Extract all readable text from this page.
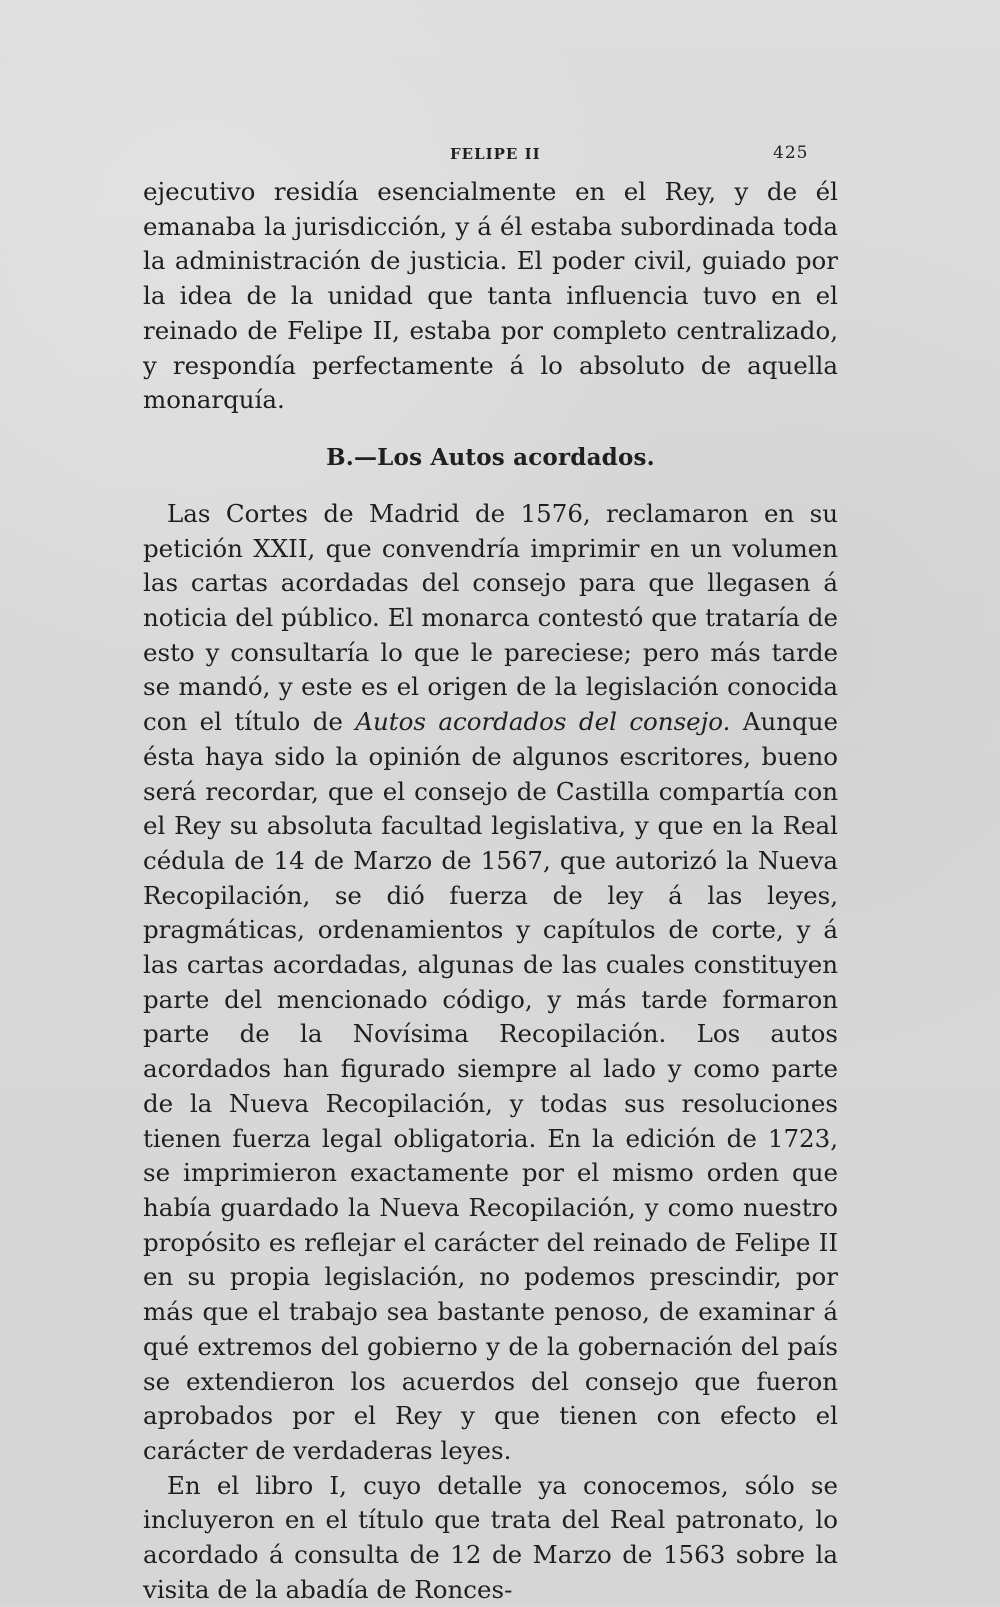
FELIPE II	425

ejecutivo residía esencialmente en el Rey, y de él emanaba la jurisdicción, y á él estaba subordinada toda la administración de justicia. El poder civil, guiado por la idea de la unidad que tanta influencia tuvo en el reinado de Felipe II, estaba por completo centralizado, y respondía perfectamente á lo absoluto de aquella monarquía.

B.—Los Autos acordados.

Las Cortes de Madrid de 1576, reclamaron en su petición XXII, que convendría imprimir en un volumen las cartas acordadas del consejo para que llegasen á noticia del público. El monarca contestó que trataría de esto y consultaría lo que le pareciese; pero más tarde se mandó, y este es el origen de la legislación conocida con el título de Autos acordados del consejo. Aunque ésta haya sido la opinión de algunos escritores, bueno será recordar, que el consejo de Castilla compartía con el Rey su absoluta facultad legislativa, y que en la Real cédula de 14 de Marzo de 1567, que autorizó la Nueva Recopilación, se dió fuerza de ley á las leyes, pragmáticas, ordenamientos y capítulos de corte, y á las cartas acordadas, algunas de las cuales constituyen parte del mencionado código, y más tarde formaron parte de la Novísima Recopilación. Los autos acordados han figurado siempre al lado y como parte de la Nueva Recopilación, y todas sus resoluciones tienen fuerza legal obligatoria. En la edición de 1723, se imprimieron exactamente por el mismo orden que había guardado la Nueva Recopilación, y como nuestro propósito es reflejar el carácter del reinado de Felipe II en su propia legislación, no podemos prescindir, por más que el trabajo sea bastante penoso, de examinar á qué extremos del gobierno y de la gobernación del país se extendieron los acuerdos del consejo que fueron aprobados por el Rey y que tienen con efecto el carácter de verdaderas leyes.

En el libro I, cuyo detalle ya conocemos, sólo se incluyeron en el título que trata del Real patronato, lo acordado á consulta de 12 de Marzo de 1563 sobre la visita de la abadía de Ronces-
